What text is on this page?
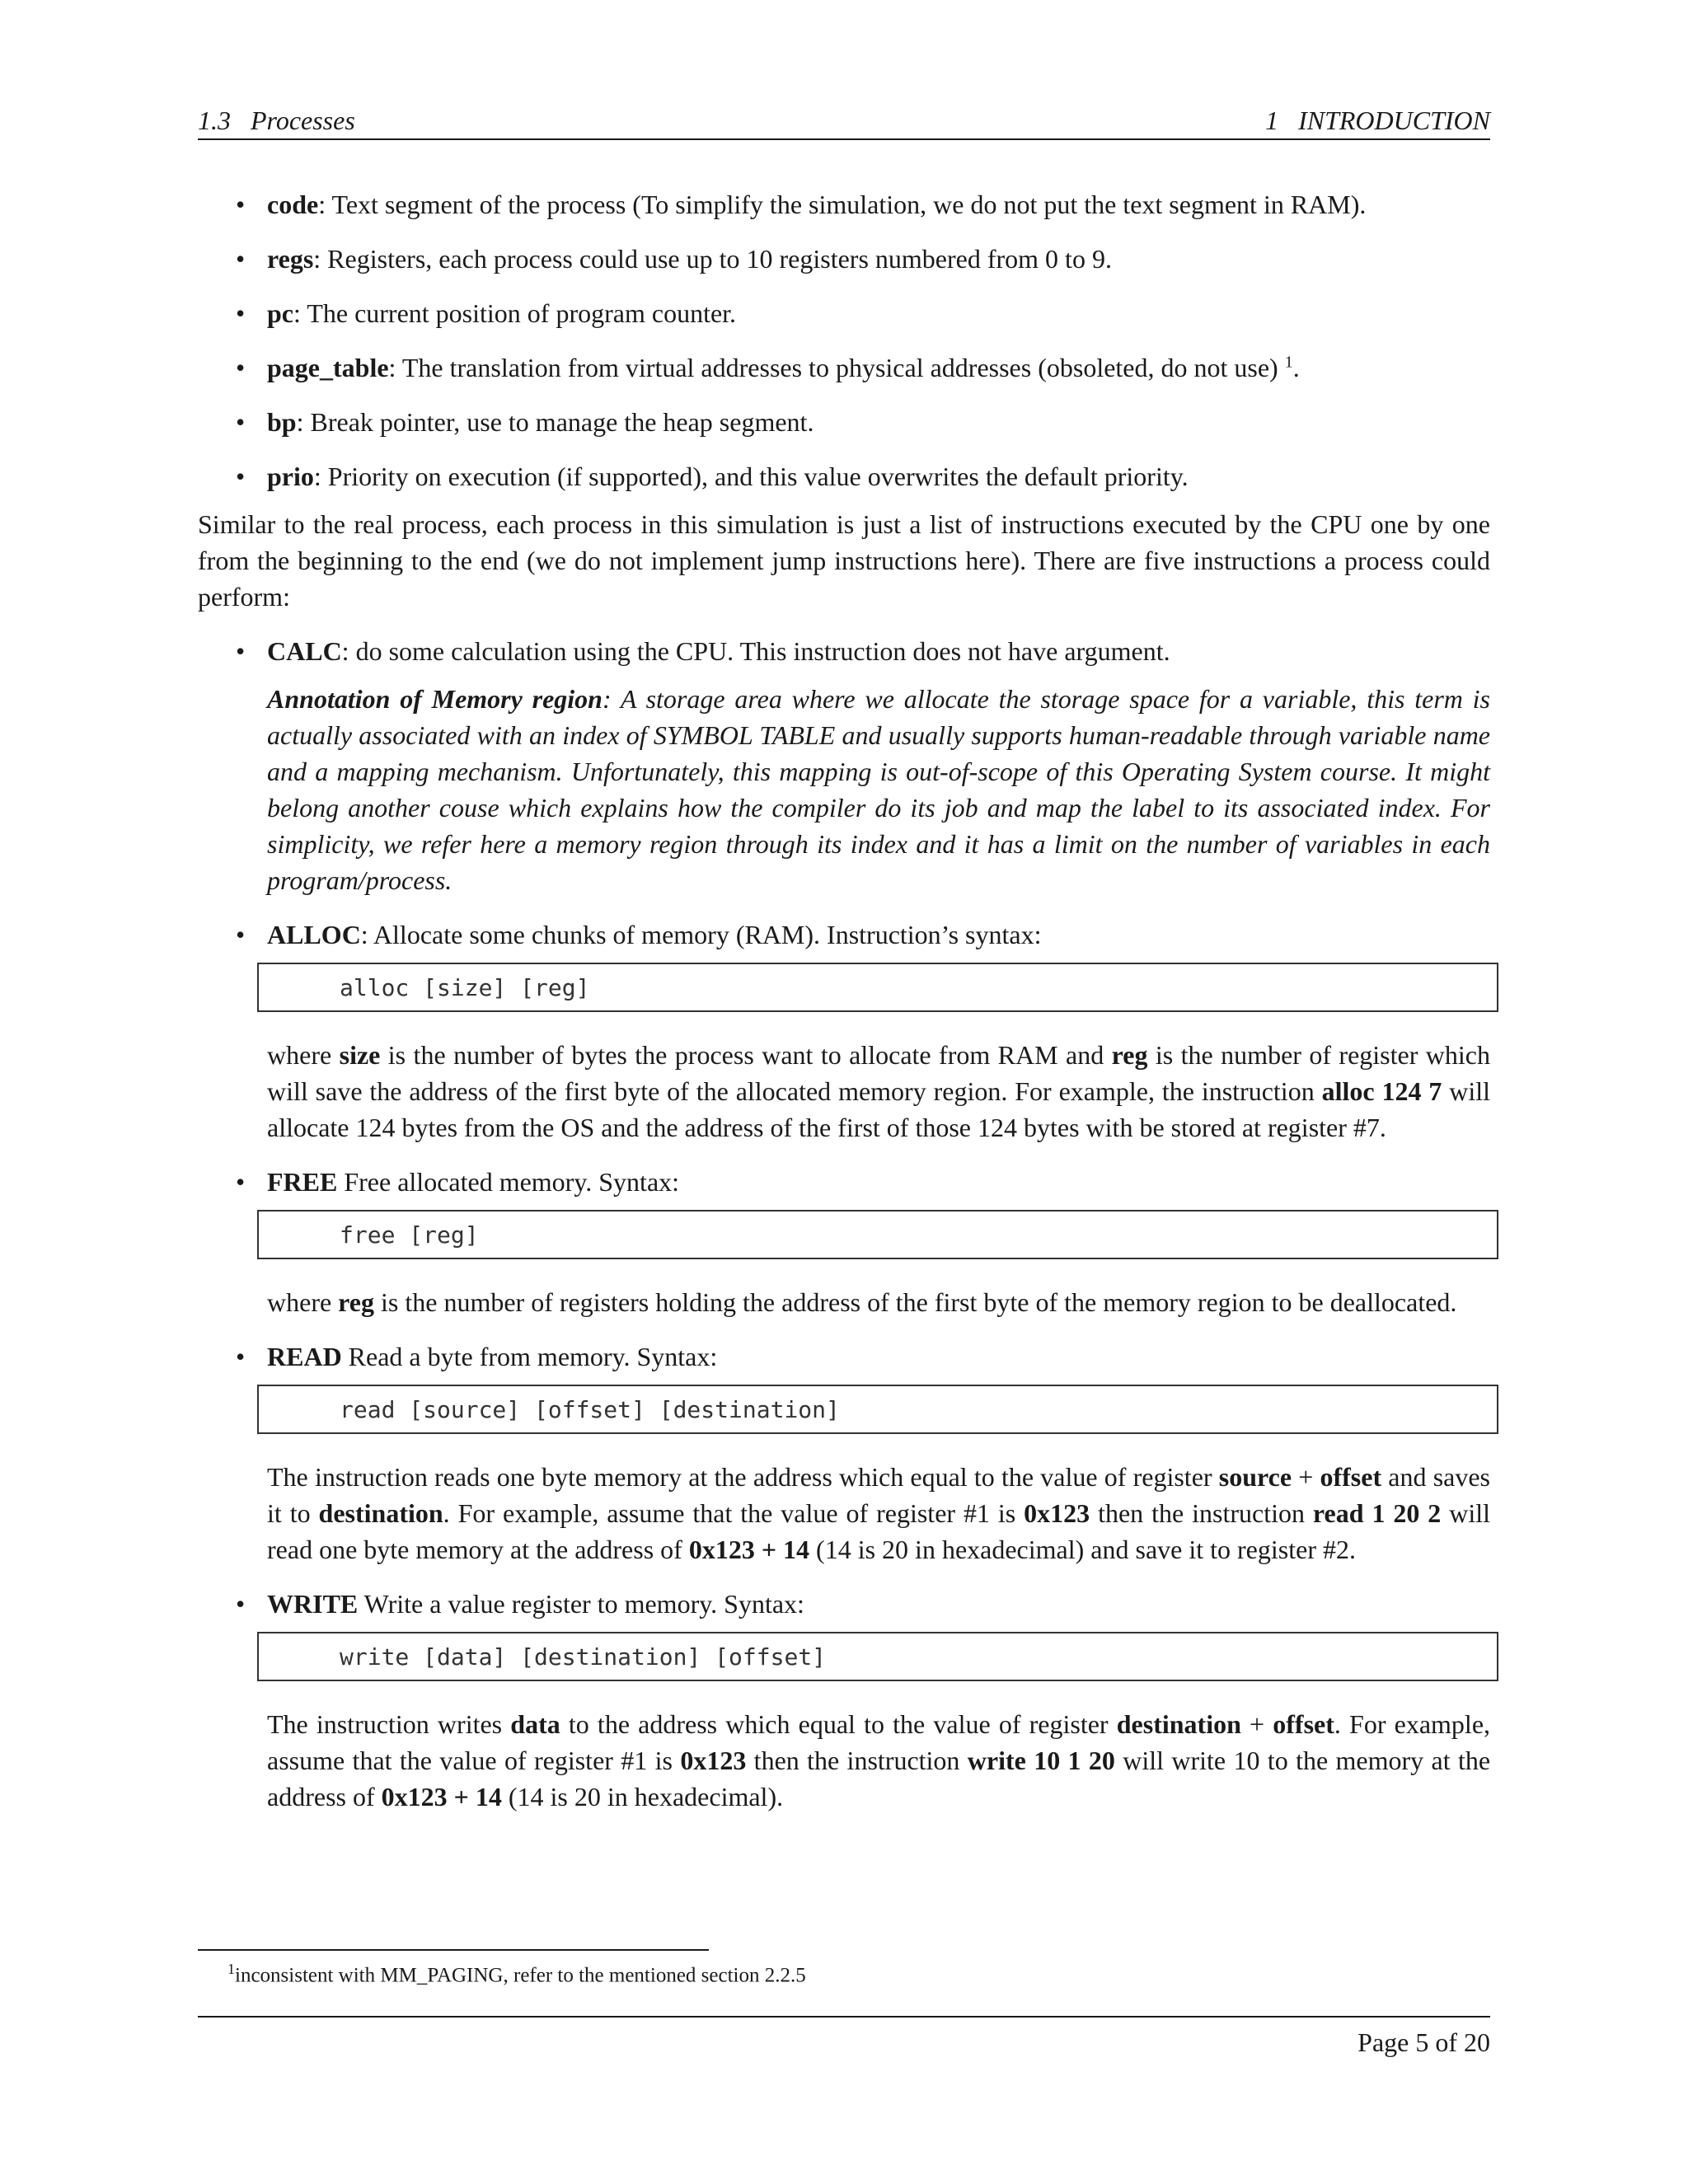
1.3   Processes	1   INTRODUCTION

• code: Text segment of the process (To simplify the simulation, we do not put the text segment in RAM).

• regs: Registers, each process could use up to 10 registers numbered from 0 to 9.

• pc: The current position of program counter.

• page_table: The translation from virtual addresses to physical addresses (obsoleted, do not use) $^1$.

• bp: Break pointer, use to manage the heap segment.

• prio: Priority on execution (if supported), and this value overwrites the default priority.

Similar to the real process, each process in this simulation is just a list of instructions executed by the CPU one by one from the beginning to the end (we do not implement jump instructions here). There are five instructions a process could perform:

• CALC: do some calculation using the CPU. This instruction does not have argument.

Annotation of Memory region: A storage area where we allocate the storage space for a variable, this term is actually associated with an index of SYMBOL TABLE and usually supports human-readable through variable name and a mapping mechanism. Unfortunately, this mapping is out-of-scope of this Operating System course. It might belong another couse which explains how the compiler do its job and map the label to its associated index. For simplicity, we refer here a memory region through its index and it has a limit on the number of variables in each program/process.

• ALLOC: Allocate some chunks of memory (RAM). Instruction’s syntax:

alloc [size] [reg]

where size is the number of bytes the process want to allocate from RAM and reg is the number of register which will save the address of the first byte of the allocated memory region. For example, the instruction alloc 124 7 will allocate 124 bytes from the OS and the address of the first of those 124 bytes with be stored at register #7.

• FREE Free allocated memory. Syntax:

free [reg]

where reg is the number of registers holding the address of the first byte of the memory region to be deallocated.

• READ Read a byte from memory. Syntax:

read [source] [offset] [destination]

The instruction reads one byte memory at the address which equal to the value of register source + offset and saves it to destination. For example, assume that the value of register #1 is 0x123 then the instruction read 1 20 2 will read one byte memory at the address of 0x123 + 14 (14 is 20 in hexadecimal) and save it to register #2.

• WRITE Write a value register to memory. Syntax:

write [data] [destination] [offset]

The instruction writes data to the address which equal to the value of register destination + offset. For example, assume that the value of register #1 is 0x123 then the instruction write 10 1 20 will write 10 to the memory at the address of 0x123 + 14 (14 is 20 in hexadecimal).

$^1$inconsistent with MM_PAGING, refer to the mentioned section 2.2.5
Page 5 of 20
